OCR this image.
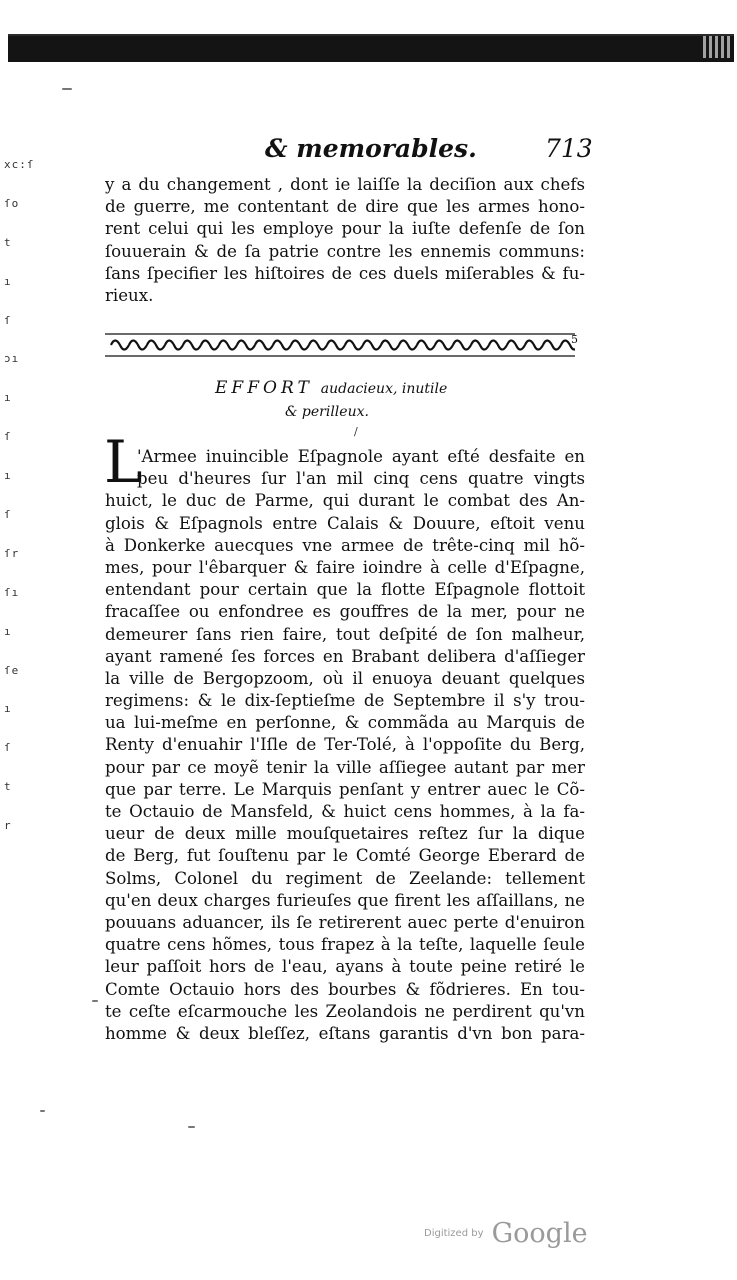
xc:ſ
ſo
t
ı
ſ
ɔı
ı
ſ
ı
ſ
ſr
ſı
ı
ſe
ı
ſ
t
r
& memorables.	713
y a du changement , dont ie laiſſe la deciſion aux chefs
de guerre, me contentant de dire que les armes hono-
rent celui qui les employe pour la iuſte defenſe de ſon
ſouuerain & de ſa patrie contre les ennemis communs:
ſans ſpecifier les hiſtoires de ces duels miſerables & fu-
rieux.
5
EFFORT audacieux, inutile
& perilleux.
/
L
'Armee inuincible Eſpagnole ayant eſté desfaite en
peu d'heures ſur l'an mil cinq cens quatre vingts
huict, le duc de Parme, qui durant le combat des An-
glois & Eſpagnols entre Calais & Douure, eſtoit venu
à Donkerke auecques vne armee de trête-cinq mil hõ-
mes, pour l'êbarquer & faire ioindre à celle d'Eſpagne,
entendant pour certain que la flotte Eſpagnole flottoit
fracaſſee ou enfondree es gouffres de la mer, pour ne
demeurer ſans rien faire, tout deſpité de ſon malheur,
ayant ramené ſes forces en Brabant delibera d'aſſieger
la ville de Bergopzoom, où il enuoya deuant quelques
regimens: & le dix-ſeptieſme de Septembre il s'y trou-
ua lui-meſme en perſonne, & commãda au Marquis de
Renty d'enuahir l'Iſle de Ter-Tolé, à l'oppoſite du Berg,
pour par ce moyẽ tenir la ville aſſiegee autant par mer
que par terre. Le Marquis penſant y entrer auec le Cõ-
te Octauio de Mansfeld, & huict cens hommes, à la fa-
ueur de deux mille mouſquetaires reſtez ſur la dique
de Berg, fut ſouſtenu par le Comté George Eberard de
Solms, Colonel du regiment de Zeelande: tellement
qu'en deux charges furieuſes que firent les aſſaillans, ne
pouuans aduancer, ils ſe retirerent auec perte d'enuiron
quatre cens hõmes, tous frapez à la teſte, laquelle ſeule
leur paſſoit hors de l'eau, ayans à toute peine retiré le
Comte Octauio hors des bourbes & fõdrieres. En tou-
te ceſte eſcarmouche les Zeolandois ne perdirent qu'vn
homme & deux bleſſez, eſtans garantis d'vn bon para-
Digitized by Google
